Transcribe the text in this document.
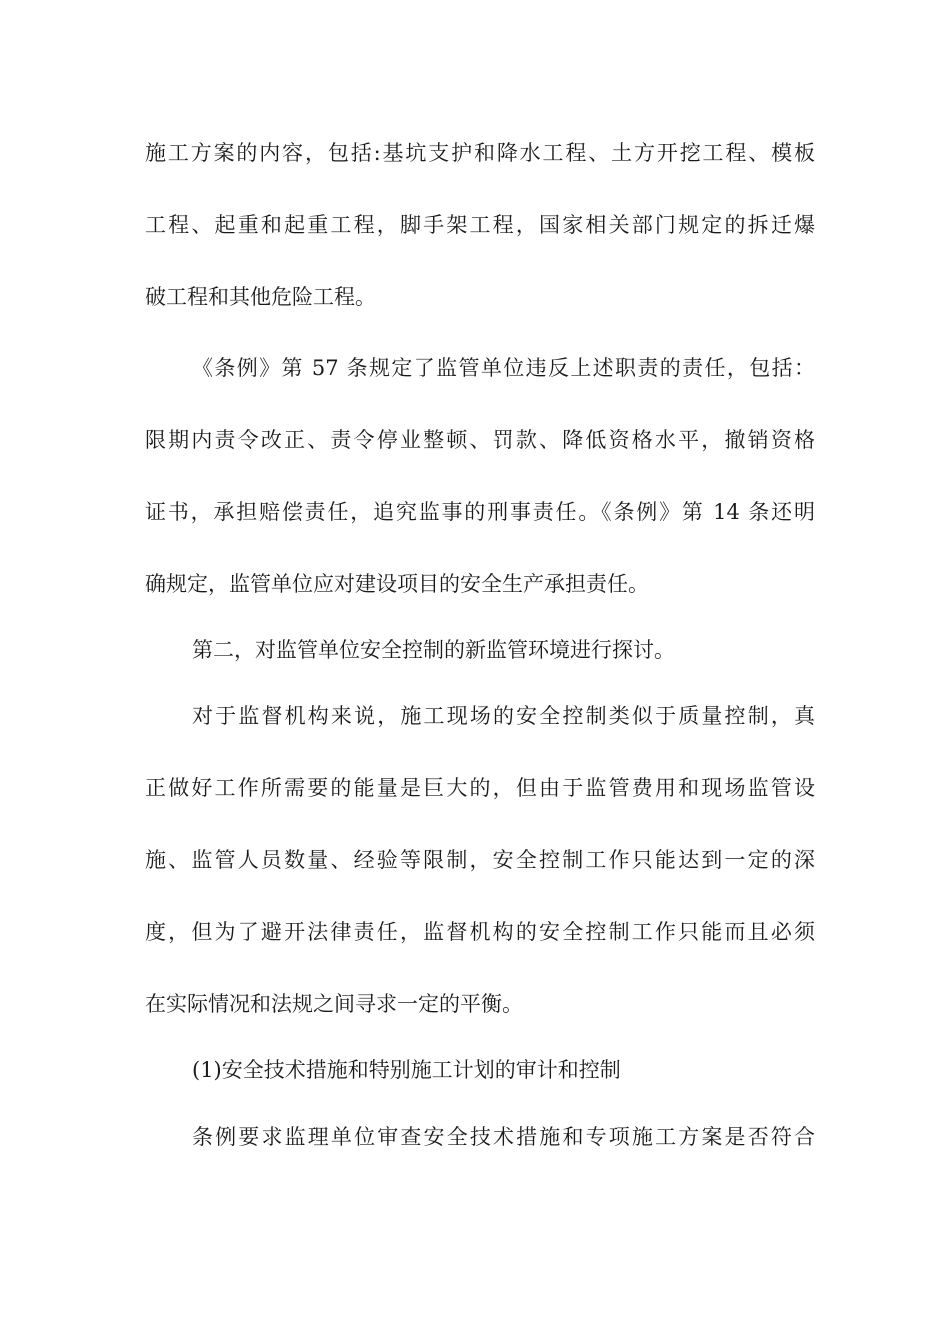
施工方案的内容，包括:基坑支护和降水工程、土方开挖工程、模板
工程、起重和起重工程，脚手架工程，国家相关部门规定的拆迁爆
破工程和其他危险工程。
《条例》第 57 条规定了监管单位违反上述职责的责任，包括：
限期内责令改正、责令停业整顿、罚款、降低资格水平，撤销资格
证书，承担赔偿责任，追究监事的刑事责任。《条例》第 14 条还明
确规定，监管单位应对建设项目的安全生产承担责任。
第二，对监管单位安全控制的新监管环境进行探讨。
对于监督机构来说，施工现场的安全控制类似于质量控制，真
正做好工作所需要的能量是巨大的，但由于监管费用和现场监管设
施、监管人员数量、经验等限制，安全控制工作只能达到一定的深
度，但为了避开法律责任，监督机构的安全控制工作只能而且必须
在实际情况和法规之间寻求一定的平衡。
(1)安全技术措施和特别施工计划的审计和控制
条例要求监理单位审查安全技术措施和专项施工方案是否符合
